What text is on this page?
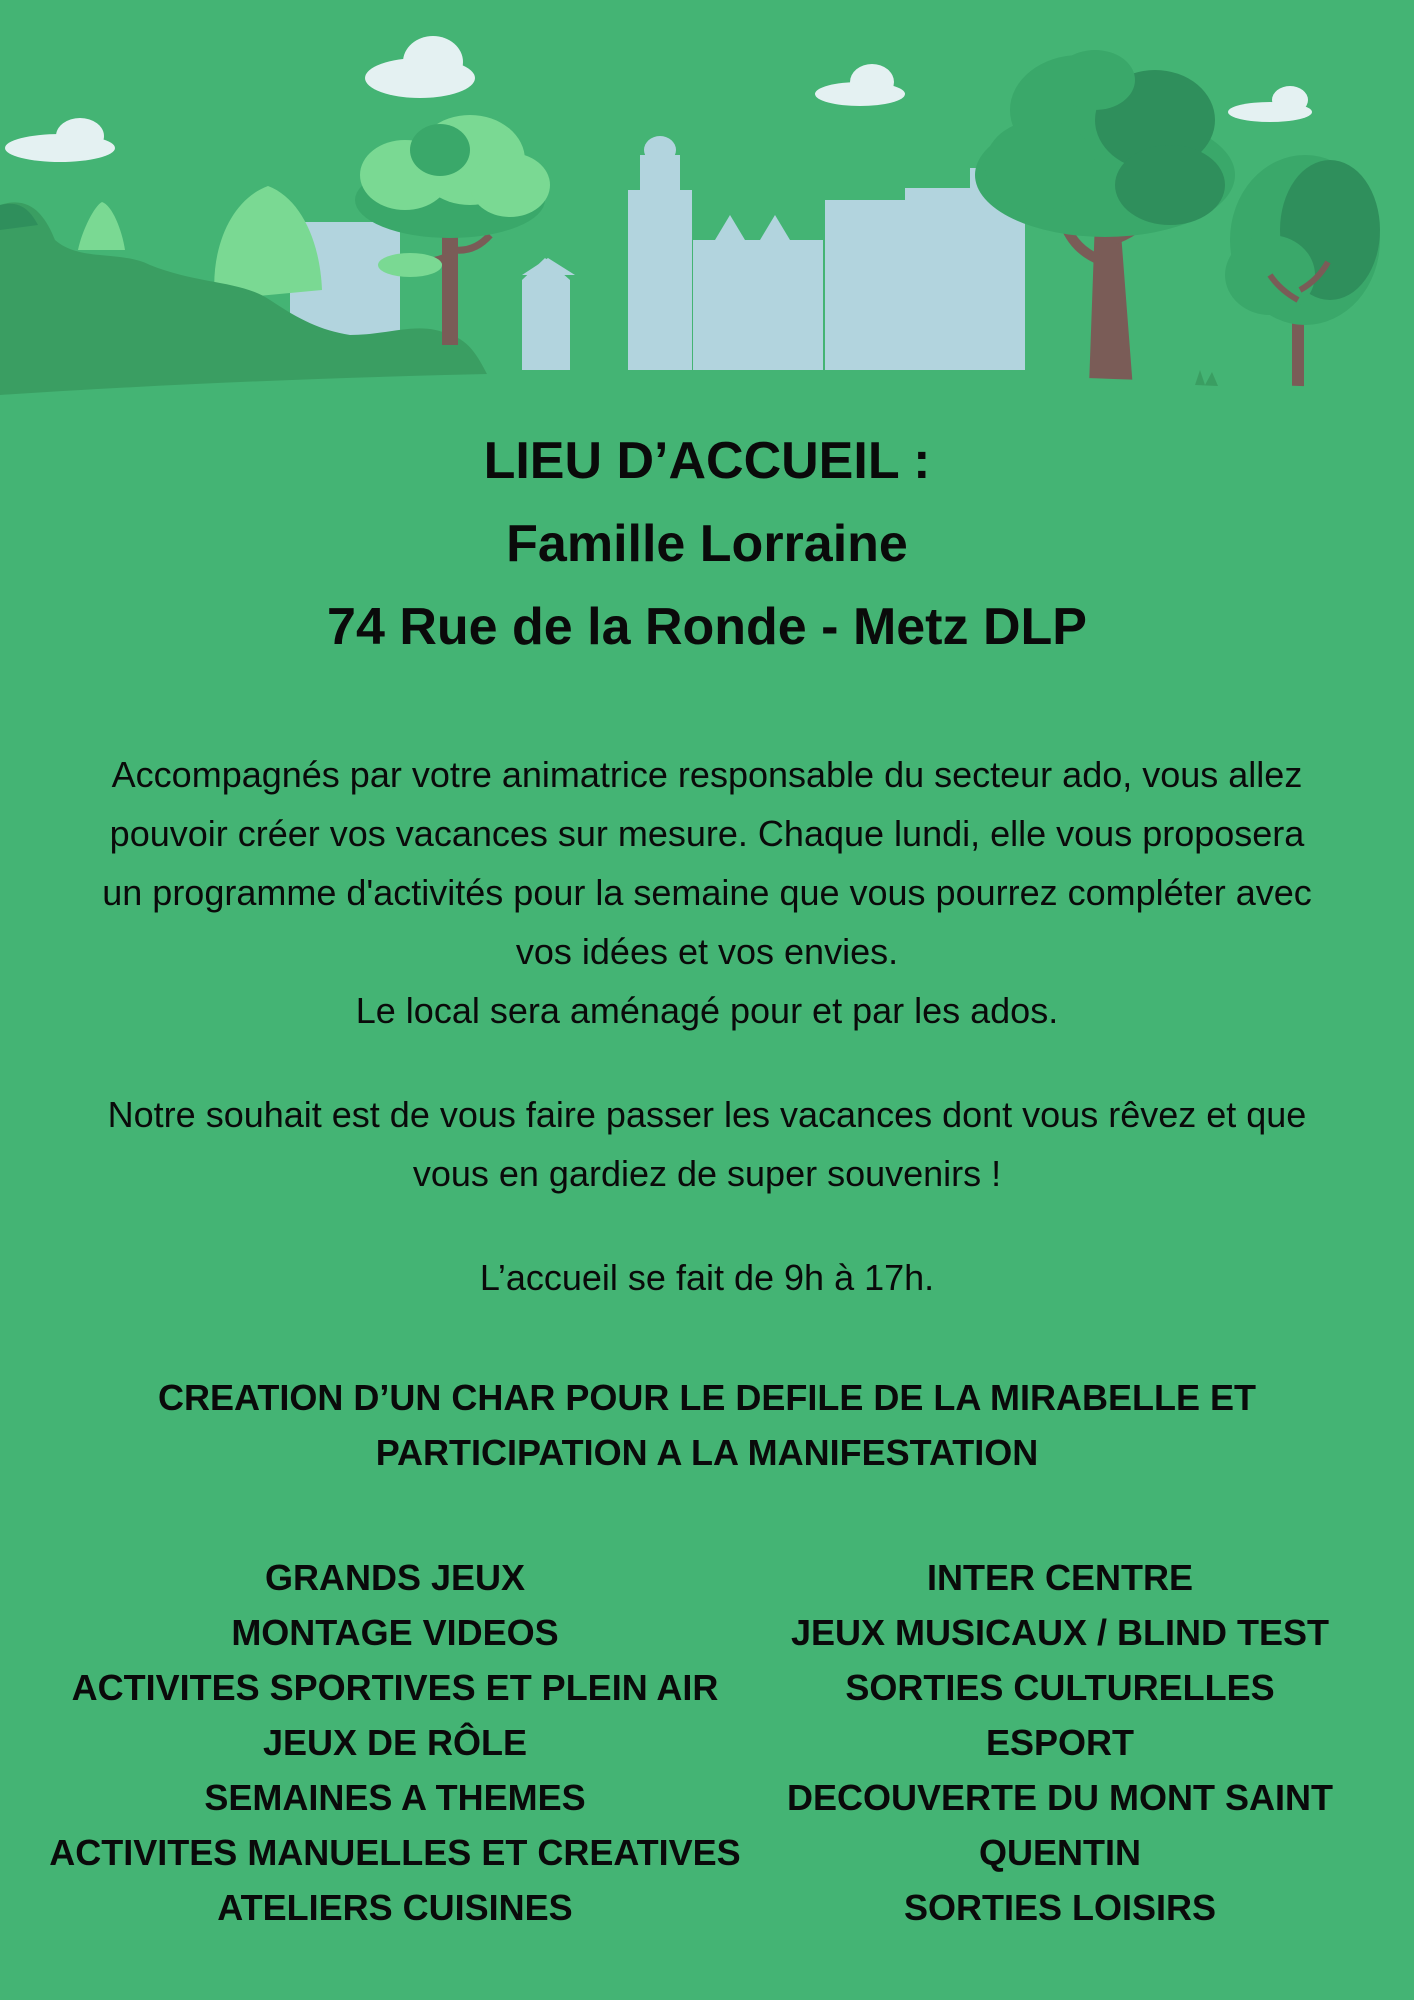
LIEU D’ACCUEIL :

Famille Lorraine

74 Rue de la Ronde - Metz DLP

Accompagnés par votre animatrice responsable du secteur ado, vous allez
pouvoir créer vos vacances sur mesure. Chaque lundi, elle vous proposera
un programme d'activités pour la semaine que vous pourrez compléter avec
vos idées et vos envies.
Le local sera aménagé pour et par les ados.
Notre souhait est de vous faire passer les vacances dont vous rêvez et que
vous en gardiez de super souvenirs !
L’accueil se fait de 9h à 17h.
CREATION D’UN CHAR POUR LE DEFILE DE LA MIRABELLE ET
PARTICIPATION A LA MANIFESTATION
GRANDS JEUX
MONTAGE VIDEOS
ACTIVITES SPORTIVES ET PLEIN AIR
JEUX DE RÔLE
SEMAINES A THEMES
ACTIVITES MANUELLES ET CREATIVES
ATELIERS CUISINES
INTER CENTRE
JEUX MUSICAUX / BLIND TEST
SORTIES CULTURELLES
ESPORT
DECOUVERTE DU MONT SAINT QUENTIN
SORTIES LOISIRS
